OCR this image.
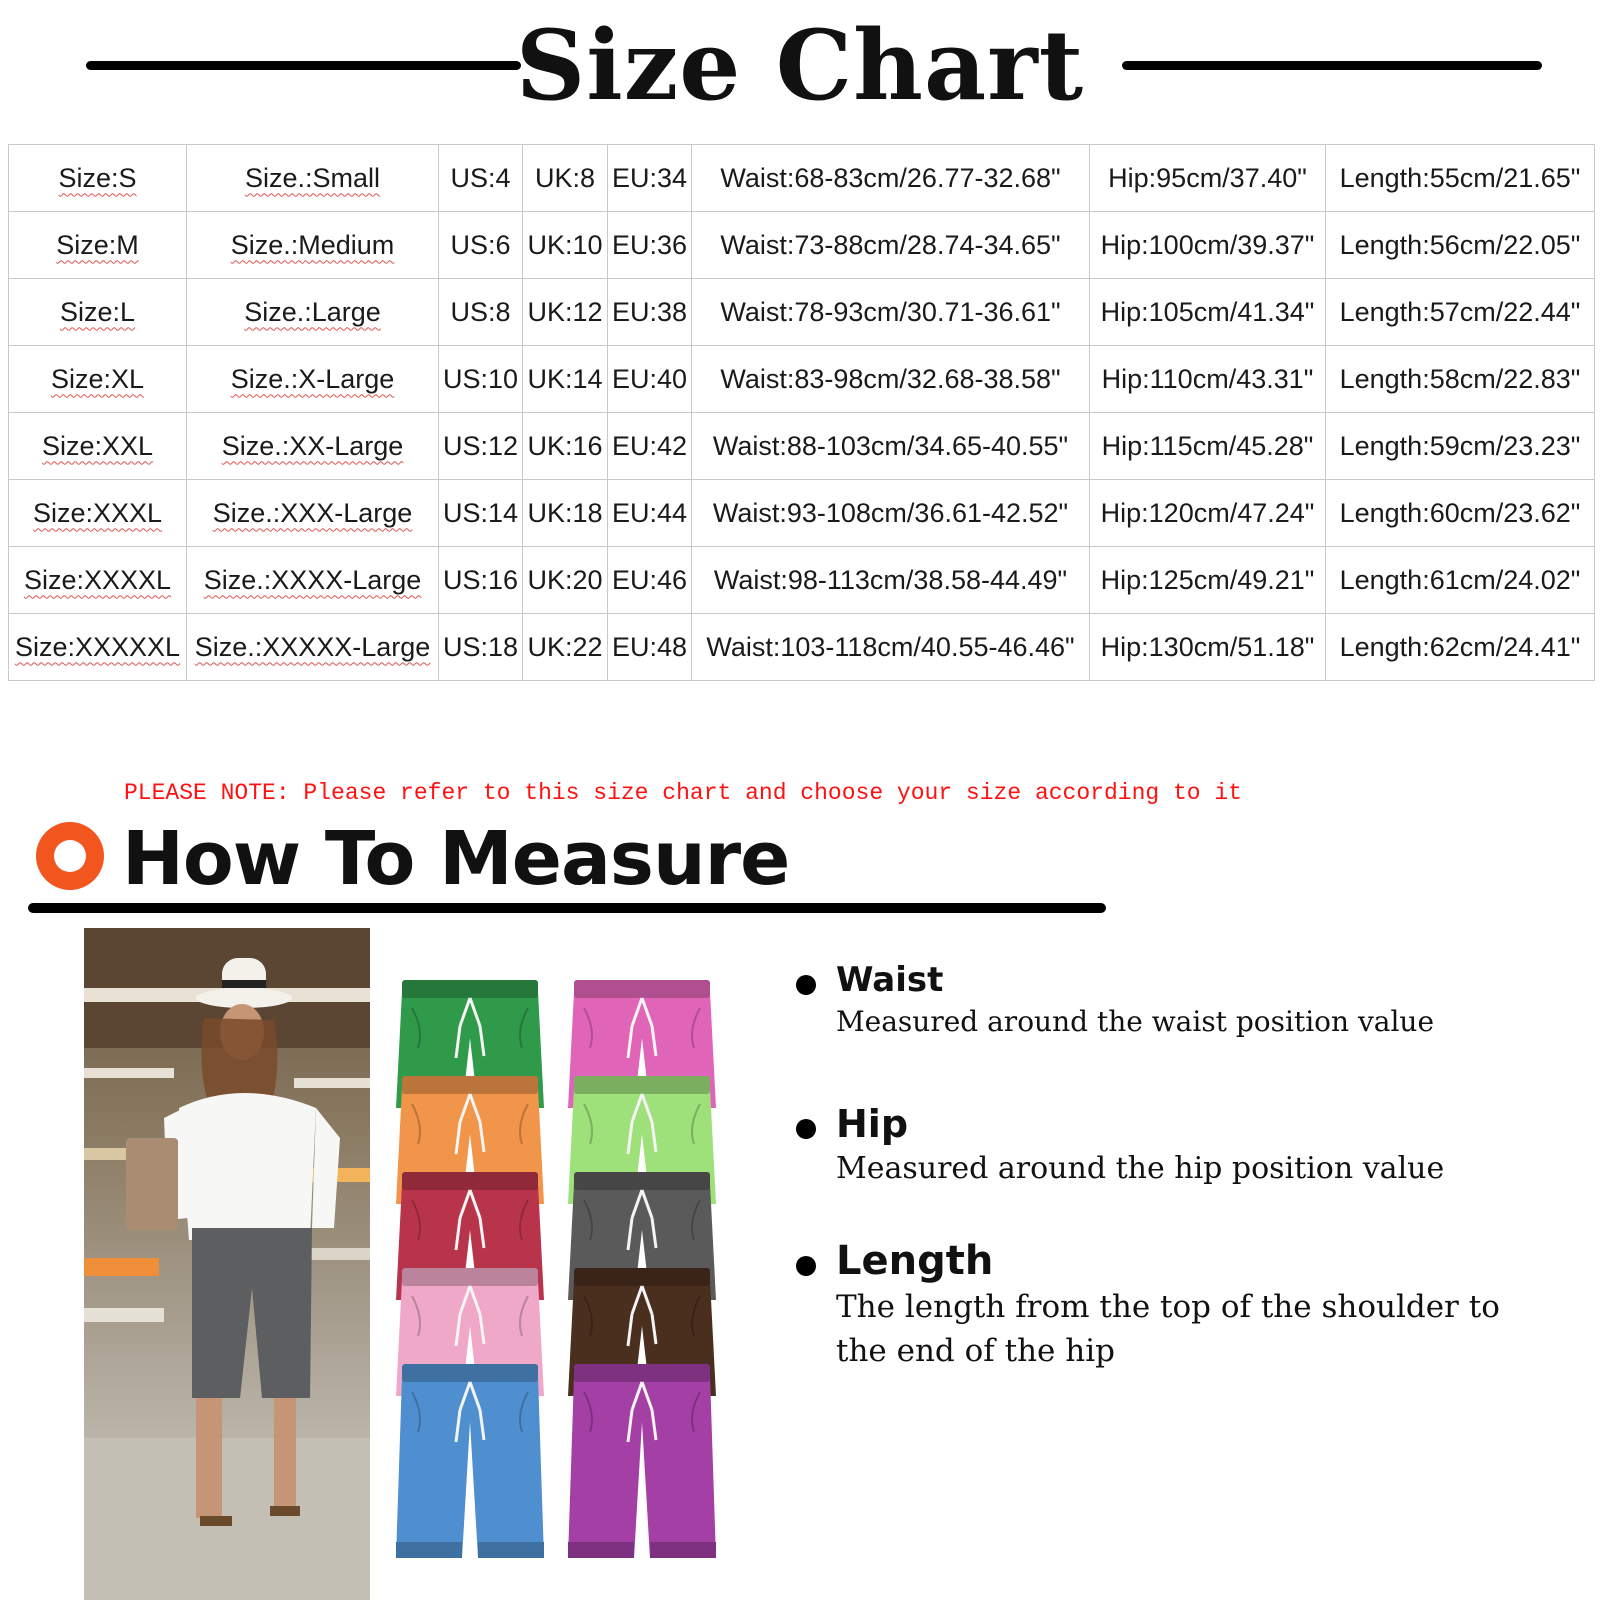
Size Chart
Size:S	Size.:Small	US:4	UK:8	EU:34	Waist:68-83cm/26.77-32.68"	Hip:95cm/37.40"	Length:55cm/21.65"
Size:M	Size.:Medium	US:6	UK:10	EU:36	Waist:73-88cm/28.74-34.65"	Hip:100cm/39.37"	Length:56cm/22.05"
Size:L	Size.:Large	US:8	UK:12	EU:38	Waist:78-93cm/30.71-36.61"	Hip:105cm/41.34"	Length:57cm/22.44"
Size:XL	Size.:X-Large	US:10	UK:14	EU:40	Waist:83-98cm/32.68-38.58"	Hip:110cm/43.31"	Length:58cm/22.83"
Size:XXL	Size.:XX-Large	US:12	UK:16	EU:42	Waist:88-103cm/34.65-40.55"	Hip:115cm/45.28"	Length:59cm/23.23"
Size:XXXL	Size.:XXX-Large	US:14	UK:18	EU:44	Waist:93-108cm/36.61-42.52"	Hip:120cm/47.24"	Length:60cm/23.62"
Size:XXXXL	Size.:XXXX-Large	US:16	UK:20	EU:46	Waist:98-113cm/38.58-44.49"	Hip:125cm/49.21"	Length:61cm/24.02"
Size:XXXXXL	Size.:XXXXX-Large	US:18	UK:22	EU:48	Waist:103-118cm/40.55-46.46"	Hip:130cm/51.18"	Length:62cm/24.41"
PLEASE NOTE: Please refer to this size chart and choose your size according to it
How To Measure
Waist
Measured around the waist position value
Hip
Measured around the hip position value
Length
The length from the top of the shoulder to
the end of the hip
